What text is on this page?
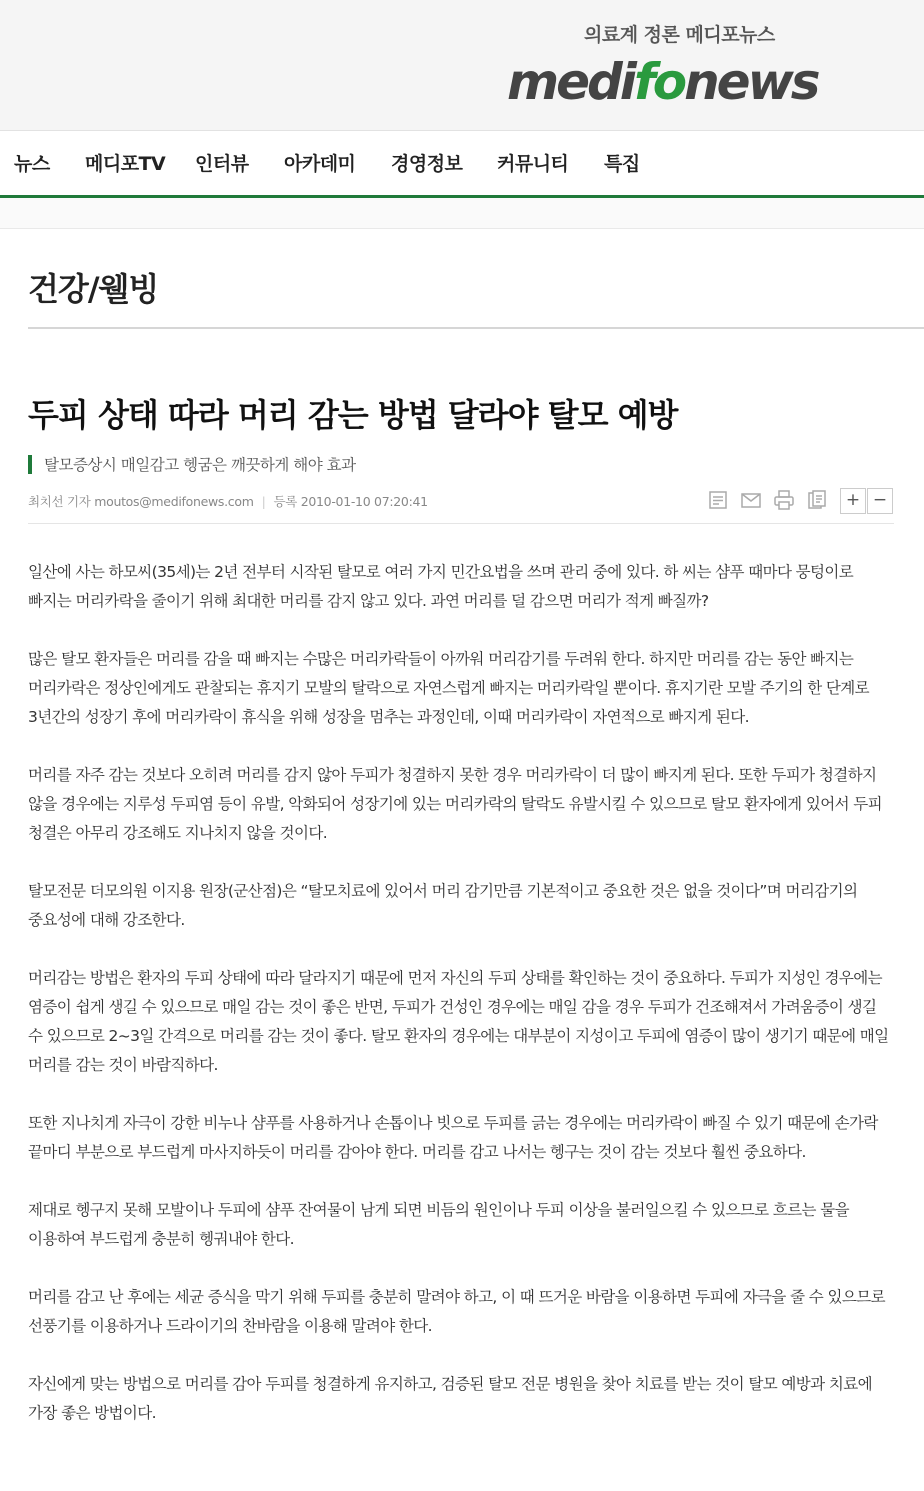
의료계 정론 메디포뉴스
medifonews
뉴스 메디포TV 인터뷰 아카데미 경영정보 커뮤니티 특집
건강/웰빙
두피 상태 따라 머리 감는 방법 달라야 탈모 예방
탈모증상시 매일감고 헹굼은 깨끗하게 해야 효과
최치선 기자 moutos@medifonews.com | 등록 2010-01-10 07:20:41	+ −

일산에 사는 하모씨(35세)는 2년 전부터 시작된 탈모로 여러 가지 민간요법을 쓰며 관리 중에 있다. 하 씨는 샴푸 때마다 뭉텅이로 빠지는 머리카락을 줄이기 위해 최대한 머리를 감지 않고 있다. 과연 머리를 덜 감으면 머리가 적게 빠질까?

많은 탈모 환자들은 머리를 감을 때 빠지는 수많은 머리카락들이 아까워 머리감기를 두려워 한다. 하지만 머리를 감는 동안 빠지는 머리카락은 정상인에게도 관찰되는 휴지기 모발의 탈락으로 자연스럽게 빠지는 머리카락일 뿐이다. 휴지기란 모발 주기의 한 단계로 3년간의 성장기 후에 머리카락이 휴식을 위해 성장을 멈추는 과정인데, 이때 머리카락이 자연적으로 빠지게 된다.

머리를 자주 감는 것보다 오히려 머리를 감지 않아 두피가 청결하지 못한 경우 머리카락이 더 많이 빠지게 된다. 또한 두피가 청결하지 않을 경우에는 지루성 두피염 등이 유발, 악화되어 성장기에 있는 머리카락의 탈락도 유발시킬 수 있으므로 탈모 환자에게 있어서 두피 청결은 아무리 강조해도 지나치지 않을 것이다.

탈모전문 더모의원 이지용 원장(군산점)은 “탈모치료에 있어서 머리 감기만큼 기본적이고 중요한 것은 없을 것이다”며 머리감기의 중요성에 대해 강조한다.

머리감는 방법은 환자의 두피 상태에 따라 달라지기 때문에 먼저 자신의 두피 상태를 확인하는 것이 중요하다. 두피가 지성인 경우에는 염증이 쉽게 생길 수 있으므로 매일 감는 것이 좋은 반면, 두피가 건성인 경우에는 매일 감을 경우 두피가 건조해져서 가려움증이 생길 수 있으므로 2~3일 간격으로 머리를 감는 것이 좋다. 탈모 환자의 경우에는 대부분이 지성이고 두피에 염증이 많이 생기기 때문에 매일 머리를 감는 것이 바람직하다.

또한 지나치게 자극이 강한 비누나 샴푸를 사용하거나 손톱이나 빗으로 두피를 긁는 경우에는 머리카락이 빠질 수 있기 때문에 손가락 끝마디 부분으로 부드럽게 마사지하듯이 머리를 감아야 한다. 머리를 감고 나서는 헹구는 것이 감는 것보다 훨씬 중요하다.

제대로 헹구지 못해 모발이나 두피에 샴푸 잔여물이 남게 되면 비듬의 원인이나 두피 이상을 불러일으킬 수 있으므로 흐르는 물을 이용하여 부드럽게 충분히 헹궈내야 한다.

머리를 감고 난 후에는 세균 증식을 막기 위해 두피를 충분히 말려야 하고, 이 때 뜨거운 바람을 이용하면 두피에 자극을 줄 수 있으므로 선풍기를 이용하거나 드라이기의 찬바람을 이용해 말려야 한다.

자신에게 맞는 방법으로 머리를 감아 두피를 청결하게 유지하고, 검증된 탈모 전문 병원을 찾아 치료를 받는 것이 탈모 예방과 치료에 가장 좋은 방법이다.
